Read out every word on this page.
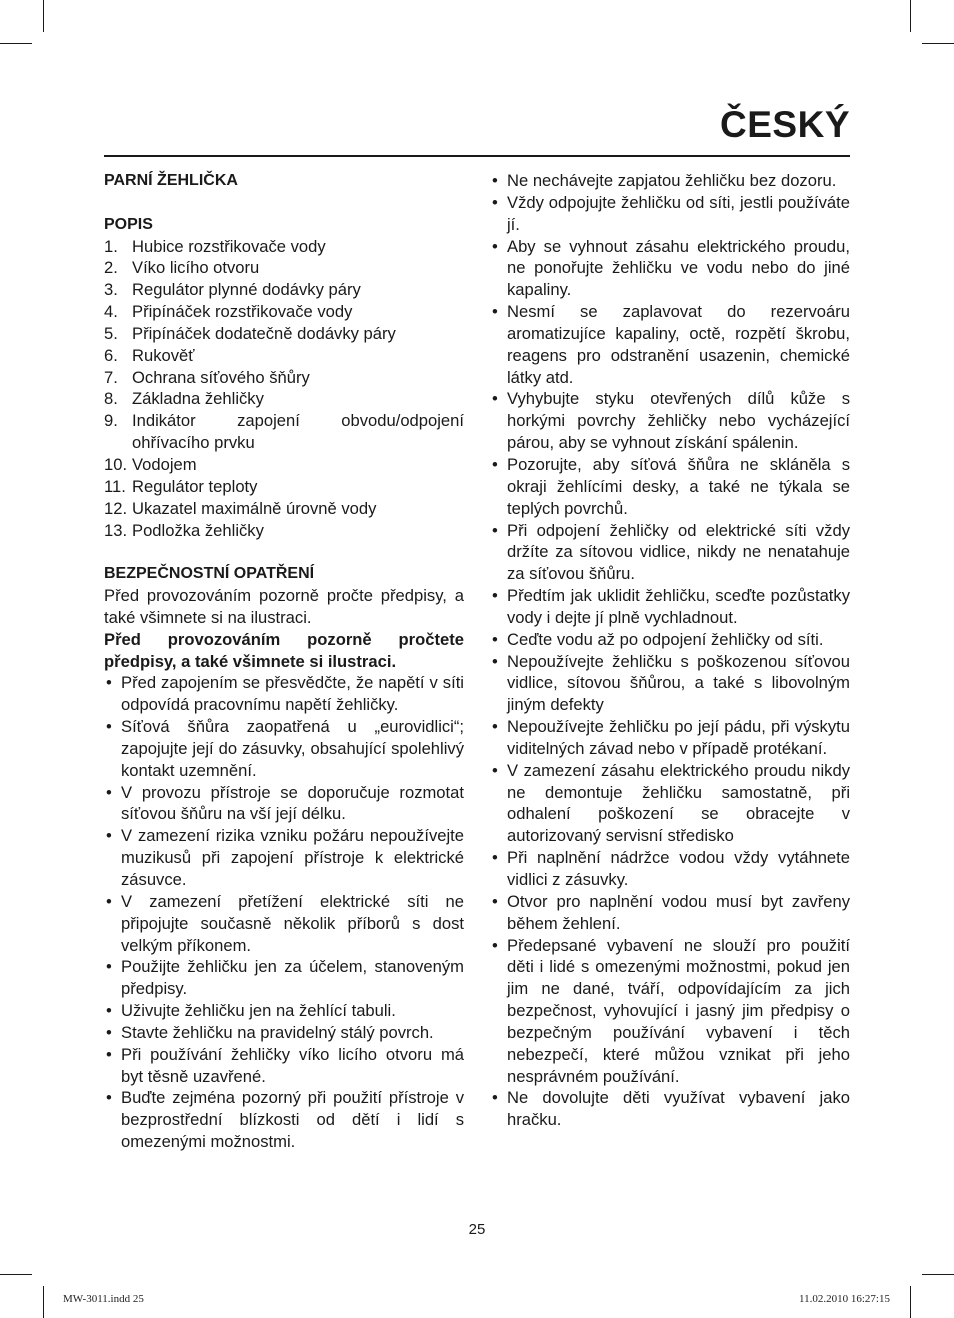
ČESKÝ
PARNÍ ŽEHLIČKA
POPIS
1. Hubice rozstřikovače vody
2. Víko licího otvoru
3. Regulátor plynné dodávky páry
4. Připínáček rozstřikovače vody
5. Připínáček dodatečně dodávky páry
6. Rukověť
7. Ochrana síťového šňůry
8. Základna žehličky
9. Indikátor zapojení obvodu/odpojení ohřívacího prvku
10. Vodojem
11. Regulátor teploty
12. Ukazatel maximálně úrovně vody
13. Podložka žehličky
BEZPEČNOSTNÍ OPATŘENÍ
Před provozováním pozorně pročte předpisy, a také všimnete si na ilustraci.
Před provozováním pozorně pročtete předpisy, a také všimnete si ilustraci.
• Před zapojením se přesvědčte, že napětí v síti odpovídá pracovnímu napětí žehličky.
• Síťová šňůra zaopatřená u „eurovidlici“; zapojujte její do zásuvky, obsahující spolehlivý kontakt uzemnění.
• V provozu přístroje se doporučuje rozmotat síťovou šňůru na vší její délku.
• V zamezení rizika vzniku požáru nepoužívejte muzikusů při zapojení přístroje k elektrické zásuvce.
• V zamezení přetížení elektrické síti ne připojujte současně několik příborů s dost velkým příkonem.
• Použijte žehličku jen za účelem, stanoveným předpisy.
• Uživujte žehličku jen na žehlící tabuli.
• Stavte žehličku na pravidelný stálý povrch.
• Při používání žehličky víko licího otvoru má byt těsně uzavřené.
• Buďte zejména pozorný při použití přístroje v bezprostřední blízkosti od dětí i lidí s omezenými možnostmi.
• Ne nechávejte zapjatou žehličku bez dozoru.
• Vždy odpojujte žehličku od síti, jestli používáte jí.
• Aby se vyhnout zásahu elektrického proudu, ne ponořujte žehličku ve vodu nebo do jiné kapaliny.
• Nesmí se zaplavovat do rezervoáru aromatizujíce kapaliny, octě, rozpětí škrobu, reagens pro odstranění usazenin, chemické látky atd.
• Vyhybujte styku otevřených dílů kůže s horkými povrchy žehličky nebo vycházející párou, aby se vyhnout získání spálenin.
• Pozorujte, aby síťová šňůra ne skláněla s okraji žehlícími desky, a také ne týkala se teplých povrchů.
• Při odpojení žehličky od elektrické síti vždy držíte za sítovou vidlice, nikdy ne nenatahuje za síťovou šňůru.
• Předtím jak uklidit žehličku, sceďte pozůstatky vody i dejte jí plně vychladnout.
• Ceďte vodu až po odpojení žehličky od síti.
• Nepoužívejte žehličku s poškozenou síťovou vidlice, sítovou šňůrou, a také s libovolným jiným defekty
• Nepoužívejte žehličku po její pádu, při výskytu viditelných závad nebo v případě protékaní.
• V zamezení zásahu elektrického proudu nikdy ne demontuje žehličku samostatně, při odhalení poškození se obracejte v autorizovaný servisní středisko
• Při naplnění nádržce vodou vždy vytáhnete vidlici z zásuvky.
• Otvor pro naplnění vodou musí byt zavřeny během žehlení.
• Předepsané vybavení ne slouží pro použití děti i lidé s omezenými možnostmi, pokud jen jim ne dané, tváří, odpovídajícím za jich bezpečnost, vyhovující i jasný jim předpisy o bezpečným používání vybavení i těch nebezpečí, které můžou vznikat při jeho nesprávném používání.
• Ne dovolujte děti využívat vybavení jako hračku.
25
MW-3011.indd 25	11.02.2010 16:27:15
